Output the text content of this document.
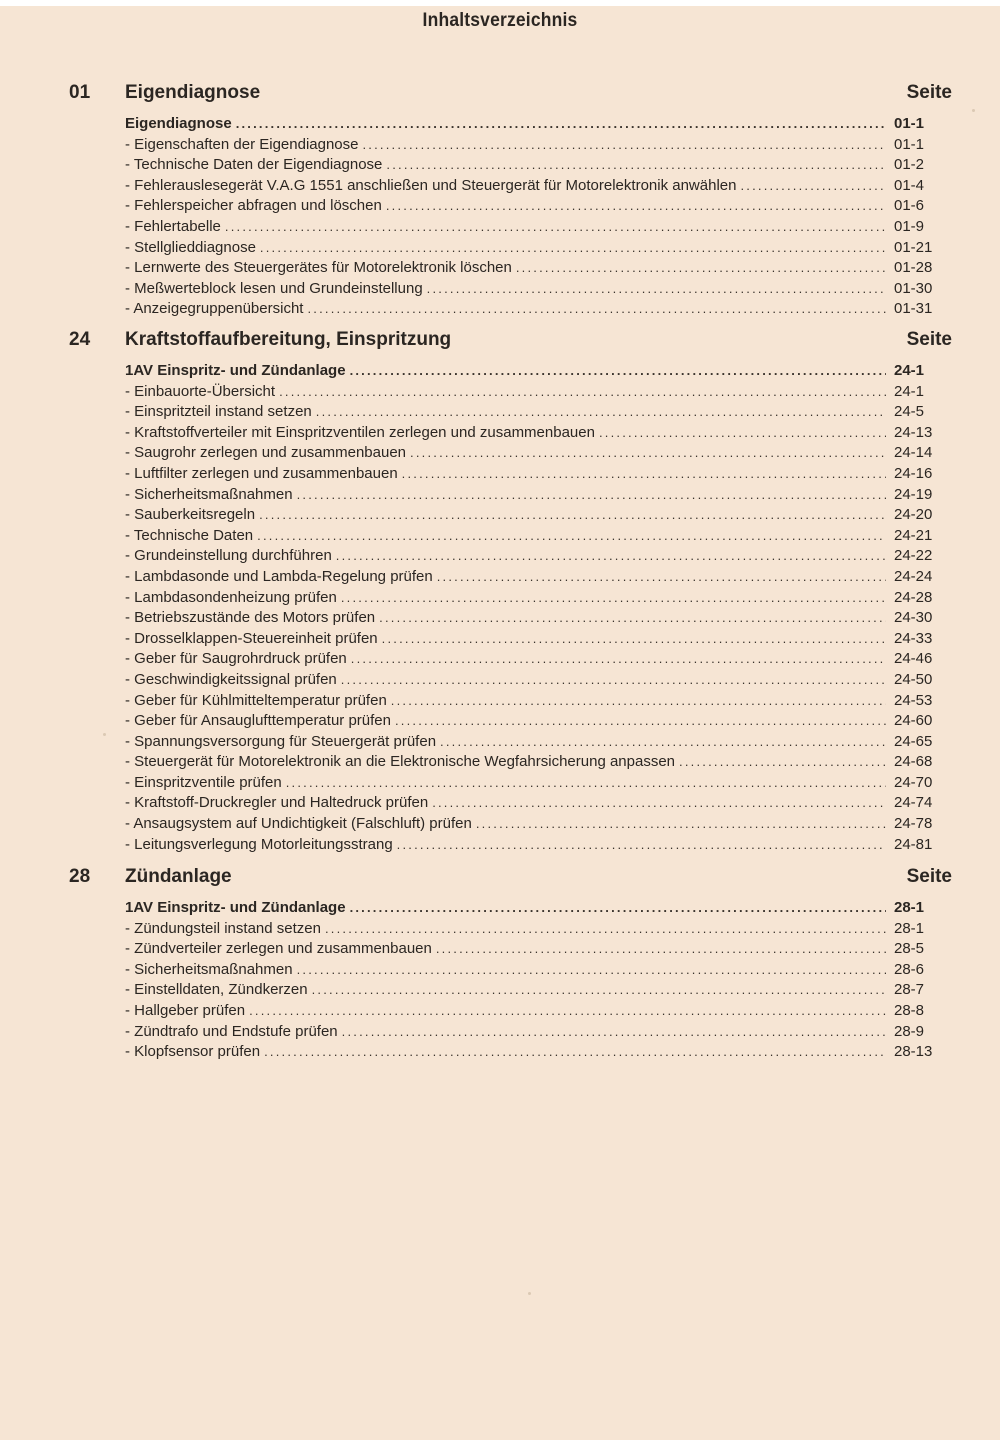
Inhaltsverzeichnis
01 Eigendiagnose	Seite
Eigendiagnose .....	01-1
- Eigenschaften der Eigendiagnose .....	01-1
- Technische Daten der Eigendiagnose .....	01-2
- Fehlerauslesegerät V.A.G 1551 anschließen und Steuergerät für Motorelektronik anwählen .....	01-4
- Fehlerspeicher abfragen und löschen .....	01-6
- Fehlertabelle .....	01-9
- Stellglieddiagnose .....	01-21
- Lernwerte des Steuergerätes für Motorelektronik löschen .....	01-28
- Meßwerteblock lesen und Grundeinstellung .....	01-30
- Anzeigegruppenübersicht .....	01-31
24 Kraftstoffaufbereitung, Einspritzung	Seite
1AV Einspritz- und Zündanlage .....	24-1
- Einbauorte-Übersicht .....	24-1
- Einspritzteil instand setzen .....	24-5
- Kraftstoffverteiler mit Einspritzventilen zerlegen und zusammenbauen .....	24-13
- Saugrohr zerlegen und zusammenbauen .....	24-14
- Luftfilter zerlegen und zusammenbauen .....	24-16
- Sicherheitsmaßnahmen .....	24-19
- Sauberkeitsregeln .....	24-20
- Technische Daten .....	24-21
- Grundeinstellung durchführen .....	24-22
- Lambdasonde und Lambda-Regelung prüfen .....	24-24
- Lambdasondenheizung prüfen .....	24-28
- Betriebszustände des Motors prüfen .....	24-30
- Drosselklappen-Steuereinheit prüfen .....	24-33
- Geber für Saugrohrdruck prüfen .....	24-46
- Geschwindigkeitssignal prüfen .....	24-50
- Geber für Kühlmitteltemperatur prüfen .....	24-53
- Geber für Ansauglufttemperatur prüfen .....	24-60
- Spannungsversorgung für Steuergerät prüfen .....	24-65
- Steuergerät für Motorelektronik an die Elektronische Wegfahrsicherung anpassen .....	24-68
- Einspritzventile prüfen .....	24-70
- Kraftstoff-Druckregler und Haltedruck prüfen .....	24-74
- Ansaugsystem auf Undichtigkeit (Falschluft) prüfen .....	24-78
- Leitungsverlegung Motorleitungsstrang .....	24-81
28 Zündanlage	Seite
1AV Einspritz- und Zündanlage .....	28-1
- Zündungsteil instand setzen .....	28-1
- Zündverteiler zerlegen und zusammenbauen .....	28-5
- Sicherheitsmaßnahmen .....	28-6
- Einstelldaten, Zündkerzen .....	28-7
- Hallgeber prüfen .....	28-8
- Zündtrafo und Endstufe prüfen .....	28-9
- Klopfsensor prüfen .....	28-13
